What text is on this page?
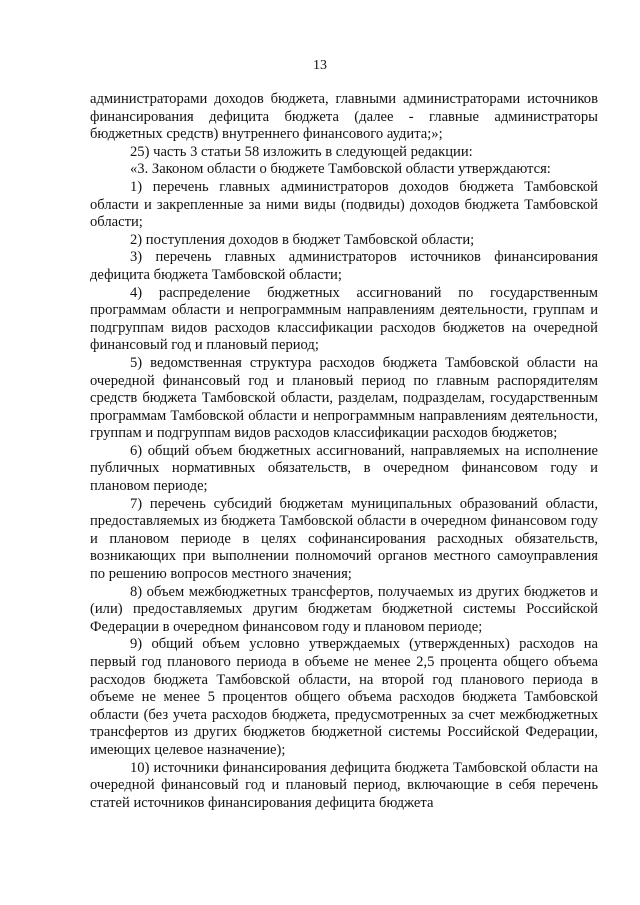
13

администраторами доходов бюджета, главными администраторами источников финансирования дефицита бюджета (далее - главные администраторы бюджетных средств) внутреннего финансового аудита;»;

25) часть 3 статьи 58 изложить в следующей редакции:

«3. Законом области о бюджете Тамбовской области утверждаются:

1) перечень главных администраторов доходов бюджета Тамбовской области и закрепленные за ними виды (подвиды) доходов бюджета Тамбовской области;

2) поступления доходов в бюджет Тамбовской области;

3) перечень главных администраторов источников финансирования дефицита бюджета Тамбовской области;

4) распределение бюджетных ассигнований по государственным программам области и непрограммным направлениям деятельности, группам и подгруппам видов расходов классификации расходов бюджетов на очередной финансовый год и плановый период;

5) ведомственная структура расходов бюджета Тамбовской области на очередной финансовый год и плановый период по главным распорядителям средств бюджета Тамбовской области, разделам, подразделам, государственным программам Тамбовской области и непрограммным направлениям деятельности, группам и подгруппам видов расходов классификации расходов бюджетов;

6) общий объем бюджетных ассигнований, направляемых на исполнение публичных нормативных обязательств, в очередном финансовом году и плановом периоде;

7) перечень субсидий бюджетам муниципальных образований области, предоставляемых из бюджета Тамбовской области в очередном финансовом году и плановом периоде в целях софинансирования расходных обязательств, возникающих при выполнении полномочий органов местного самоуправления по решению вопросов местного значения;

8) объем межбюджетных трансфертов, получаемых из других бюджетов и (или) предоставляемых другим бюджетам бюджетной системы Российской Федерации в очередном финансовом году и плановом периоде;

9) общий объем условно утверждаемых (утвержденных) расходов на первый год планового периода в объеме не менее 2,5 процента общего объема расходов бюджета Тамбовской области, на второй год планового периода в объеме не менее 5 процентов общего объема расходов бюджета Тамбовской области (без учета расходов бюджета, предусмотренных за счет межбюджетных трансфертов из других бюджетов бюджетной системы Российской Федерации, имеющих целевое назначение);

10) источники финансирования дефицита бюджета Тамбовской области на очередной финансовый год и плановый период, включающие в себя перечень статей источников финансирования дефицита бюджета
